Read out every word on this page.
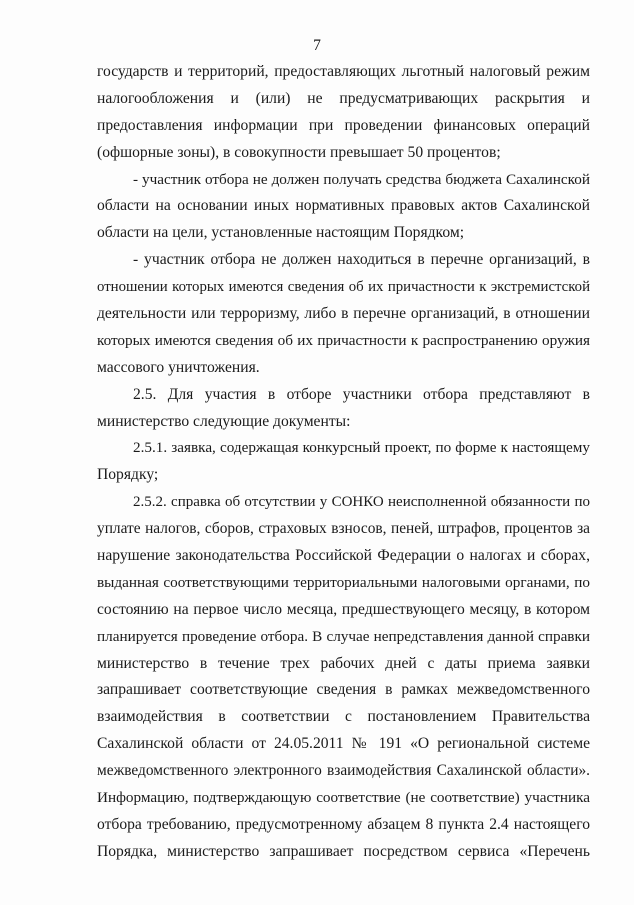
7
государств и территорий, предоставляющих льготный налоговый режим
налогообложения и (или) не предусматривающих раскрытия и
предоставления информации при проведении финансовых операций
(офшорные зоны), в совокупности превышает 50 процентов;
- участник отбора не должен получать средства бюджета Сахалинской
области на основании иных нормативных правовых актов Сахалинской
области на цели, установленные настоящим Порядком;
- участник отбора не должен находиться в перечне организаций, в
отношении которых имеются сведения об их причастности к экстремистской
деятельности или терроризму, либо в перечне организаций, в отношении
которых имеются сведения об их причастности к распространению оружия
массового уничтожения.
2.5. Для участия в отборе участники отбора представляют в
министерство следующие документы:
2.5.1. заявка, содержащая конкурсный проект, по форме к настоящему
Порядку;
2.5.2. справка об отсутствии у СОНКО неисполненной обязанности по
уплате налогов, сборов, страховых взносов, пеней, штрафов, процентов за
нарушение законодательства Российской Федерации о налогах и сборах,
выданная соответствующими территориальными налоговыми органами, по
состоянию на первое число месяца, предшествующего месяцу, в котором
планируется проведение отбора. В случае непредставления данной справки
министерство в течение трех рабочих дней с даты приема заявки
запрашивает соответствующие сведения в рамках межведомственного
взаимодействия в соответствии с постановлением Правительства
Сахалинской области от 24.05.2011 № 191 «О региональной системе
межведомственного электронного взаимодействия Сахалинской области».
Информацию, подтверждающую соответствие (не соответствие) участника
отбора требованию, предусмотренному абзацем 8 пункта 2.4 настоящего
Порядка, министерство запрашивает посредством сервиса «Перечень
